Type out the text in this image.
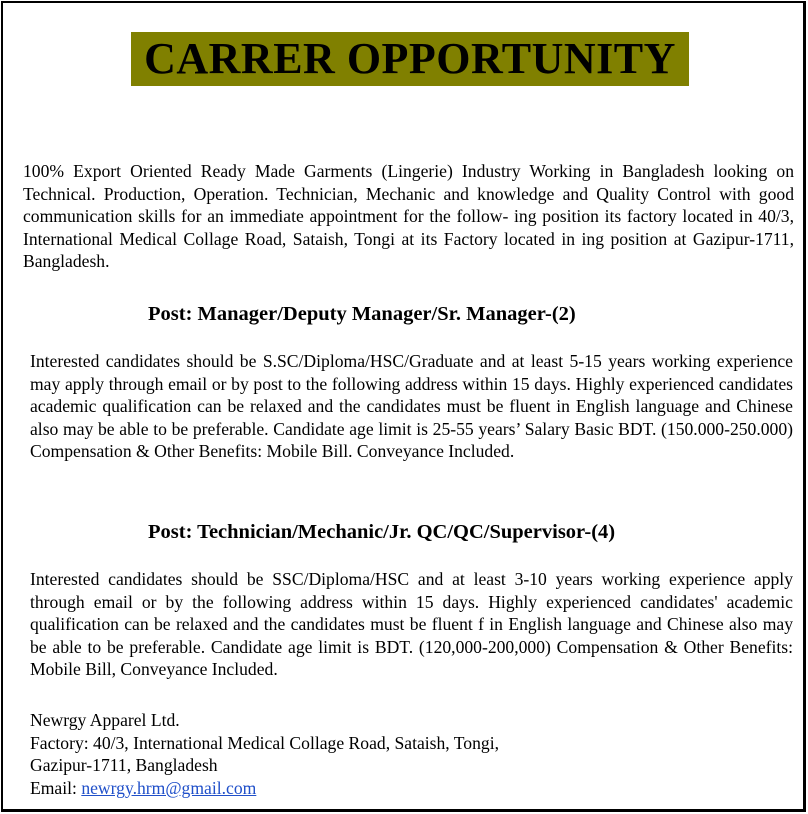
CARRER OPPORTUNITY

100% Export Oriented Ready Made Garments (Lingerie) Industry Working in Bangladesh looking on Technical. Production, Operation. Technician, Mechanic and knowledge and Quality Control with good communication skills for an immediate appointment for the follow- ing position its factory located in 40/3, International Medical Collage Road, Sataish, Tongi at its Factory located in ing position at Gazipur-1711, Bangladesh.

Post: Manager/Deputy Manager/Sr. Manager-(2)

Interested candidates should be S.SC/Diploma/HSC/Graduate and at least 5-15 years working experience may apply through email or by post to the following address within 15 days. Highly experienced candidates academic qualification can be relaxed and the candidates must be fluent in English language and Chinese also may be able to be preferable. Candidate age limit is 25-55 years’ Salary Basic BDT. (150.000-250.000) Compensation & Other Benefits: Mobile Bill. Conveyance Included.

Post: Technician/Mechanic/Jr. QC/QC/Supervisor-(4)

Interested candidates should be SSC/Diploma/HSC and at least 3-10 years working experience apply through email or by the following address within 15 days. Highly experienced candidates' academic qualification can be relaxed and the candidates must be fluent f in English language and Chinese also may be able to be preferable. Candidate age limit is BDT. (120,000-200,000) Compensation & Other Benefits: Mobile Bill, Conveyance Included.

Newrgy Apparel Ltd.
Factory: 40/3, International Medical Collage Road, Sataish, Tongi,
Gazipur-1711, Bangladesh
Email: newrgy.hrm@gmail.com
